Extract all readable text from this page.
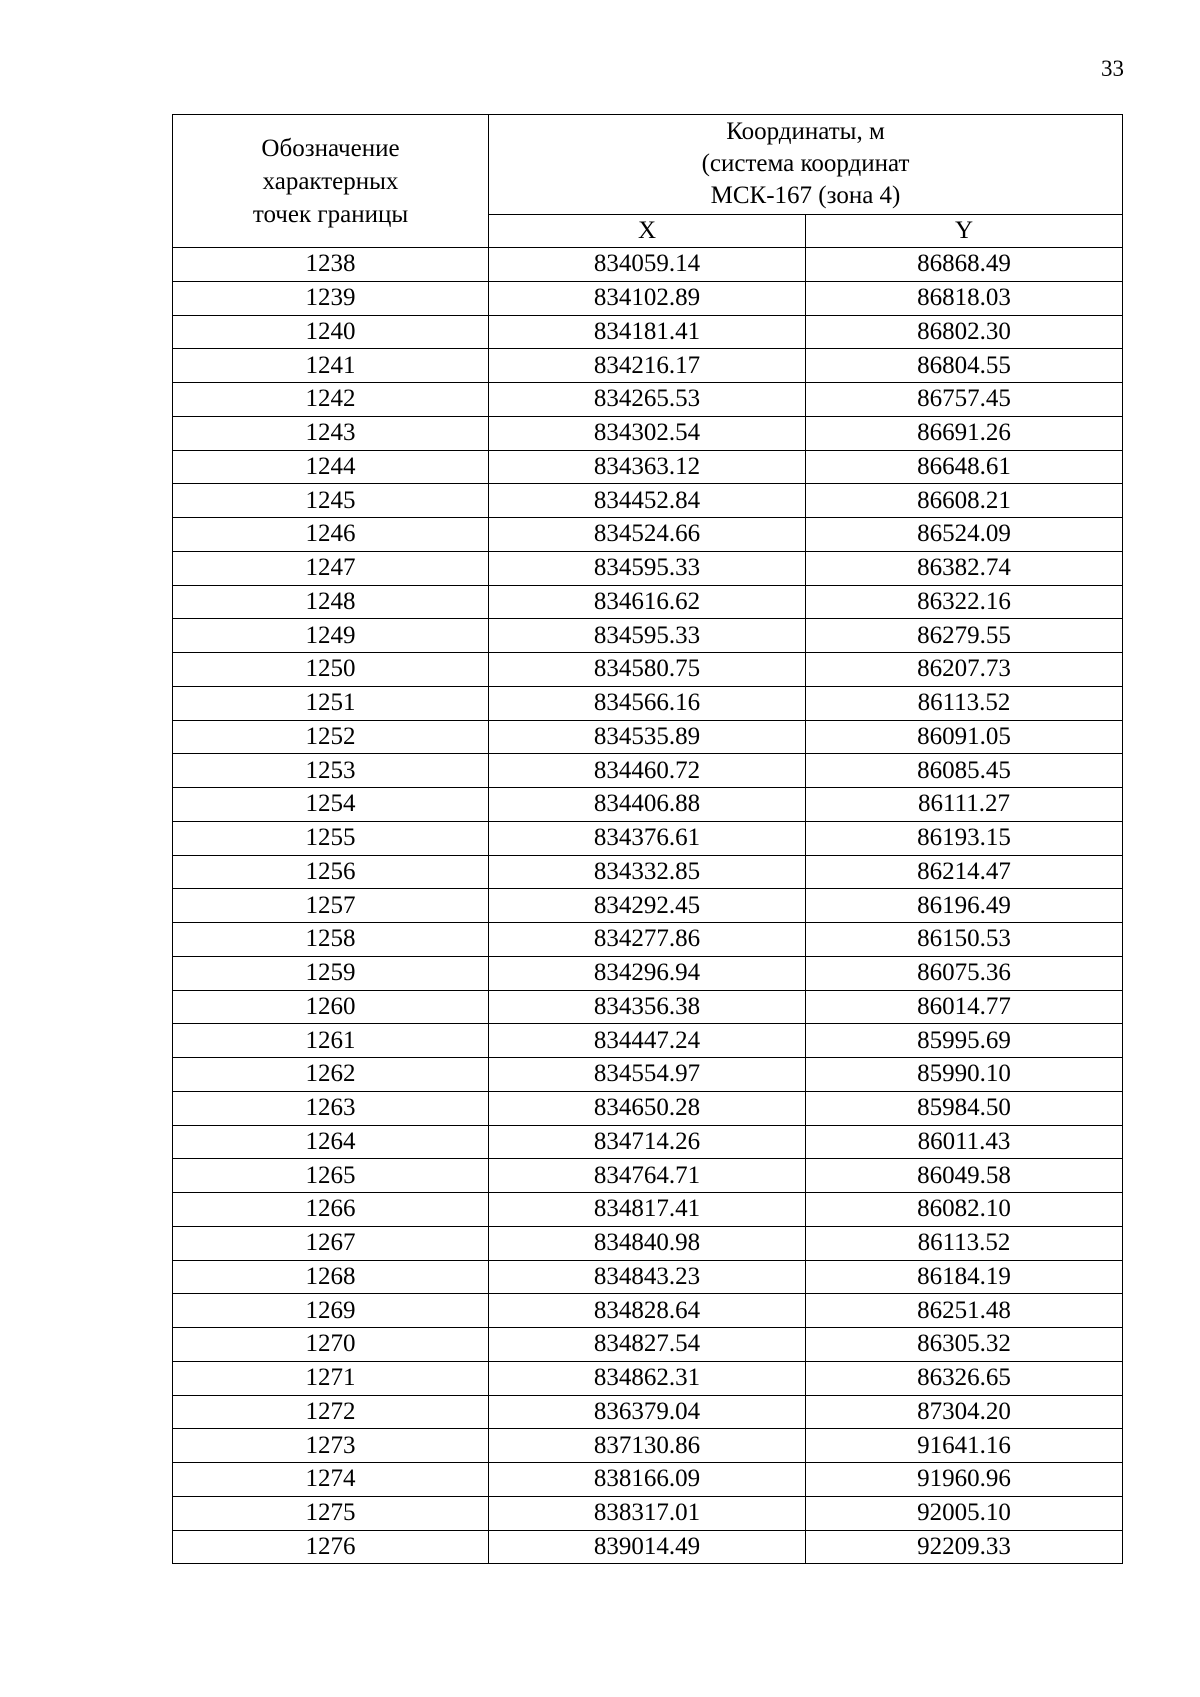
33
Обозначение
характерных
точек границы	Координаты, м
(система координат
МСК-167 (зона 4)	

	X	Y
1238	834059.14	86868.49
1239	834102.89	86818.03
1240	834181.41	86802.30
1241	834216.17	86804.55
1242	834265.53	86757.45
1243	834302.54	86691.26
1244	834363.12	86648.61
1245	834452.84	86608.21
1246	834524.66	86524.09
1247	834595.33	86382.74
1248	834616.62	86322.16
1249	834595.33	86279.55
1250	834580.75	86207.73
1251	834566.16	86113.52
1252	834535.89	86091.05
1253	834460.72	86085.45
1254	834406.88	86111.27
1255	834376.61	86193.15
1256	834332.85	86214.47
1257	834292.45	86196.49
1258	834277.86	86150.53
1259	834296.94	86075.36
1260	834356.38	86014.77
1261	834447.24	85995.69
1262	834554.97	85990.10
1263	834650.28	85984.50
1264	834714.26	86011.43
1265	834764.71	86049.58
1266	834817.41	86082.10
1267	834840.98	86113.52
1268	834843.23	86184.19
1269	834828.64	86251.48
1270	834827.54	86305.32
1271	834862.31	86326.65
1272	836379.04	87304.20
1273	837130.86	91641.16
1274	838166.09	91960.96
1275	838317.01	92005.10
1276	839014.49	92209.33
